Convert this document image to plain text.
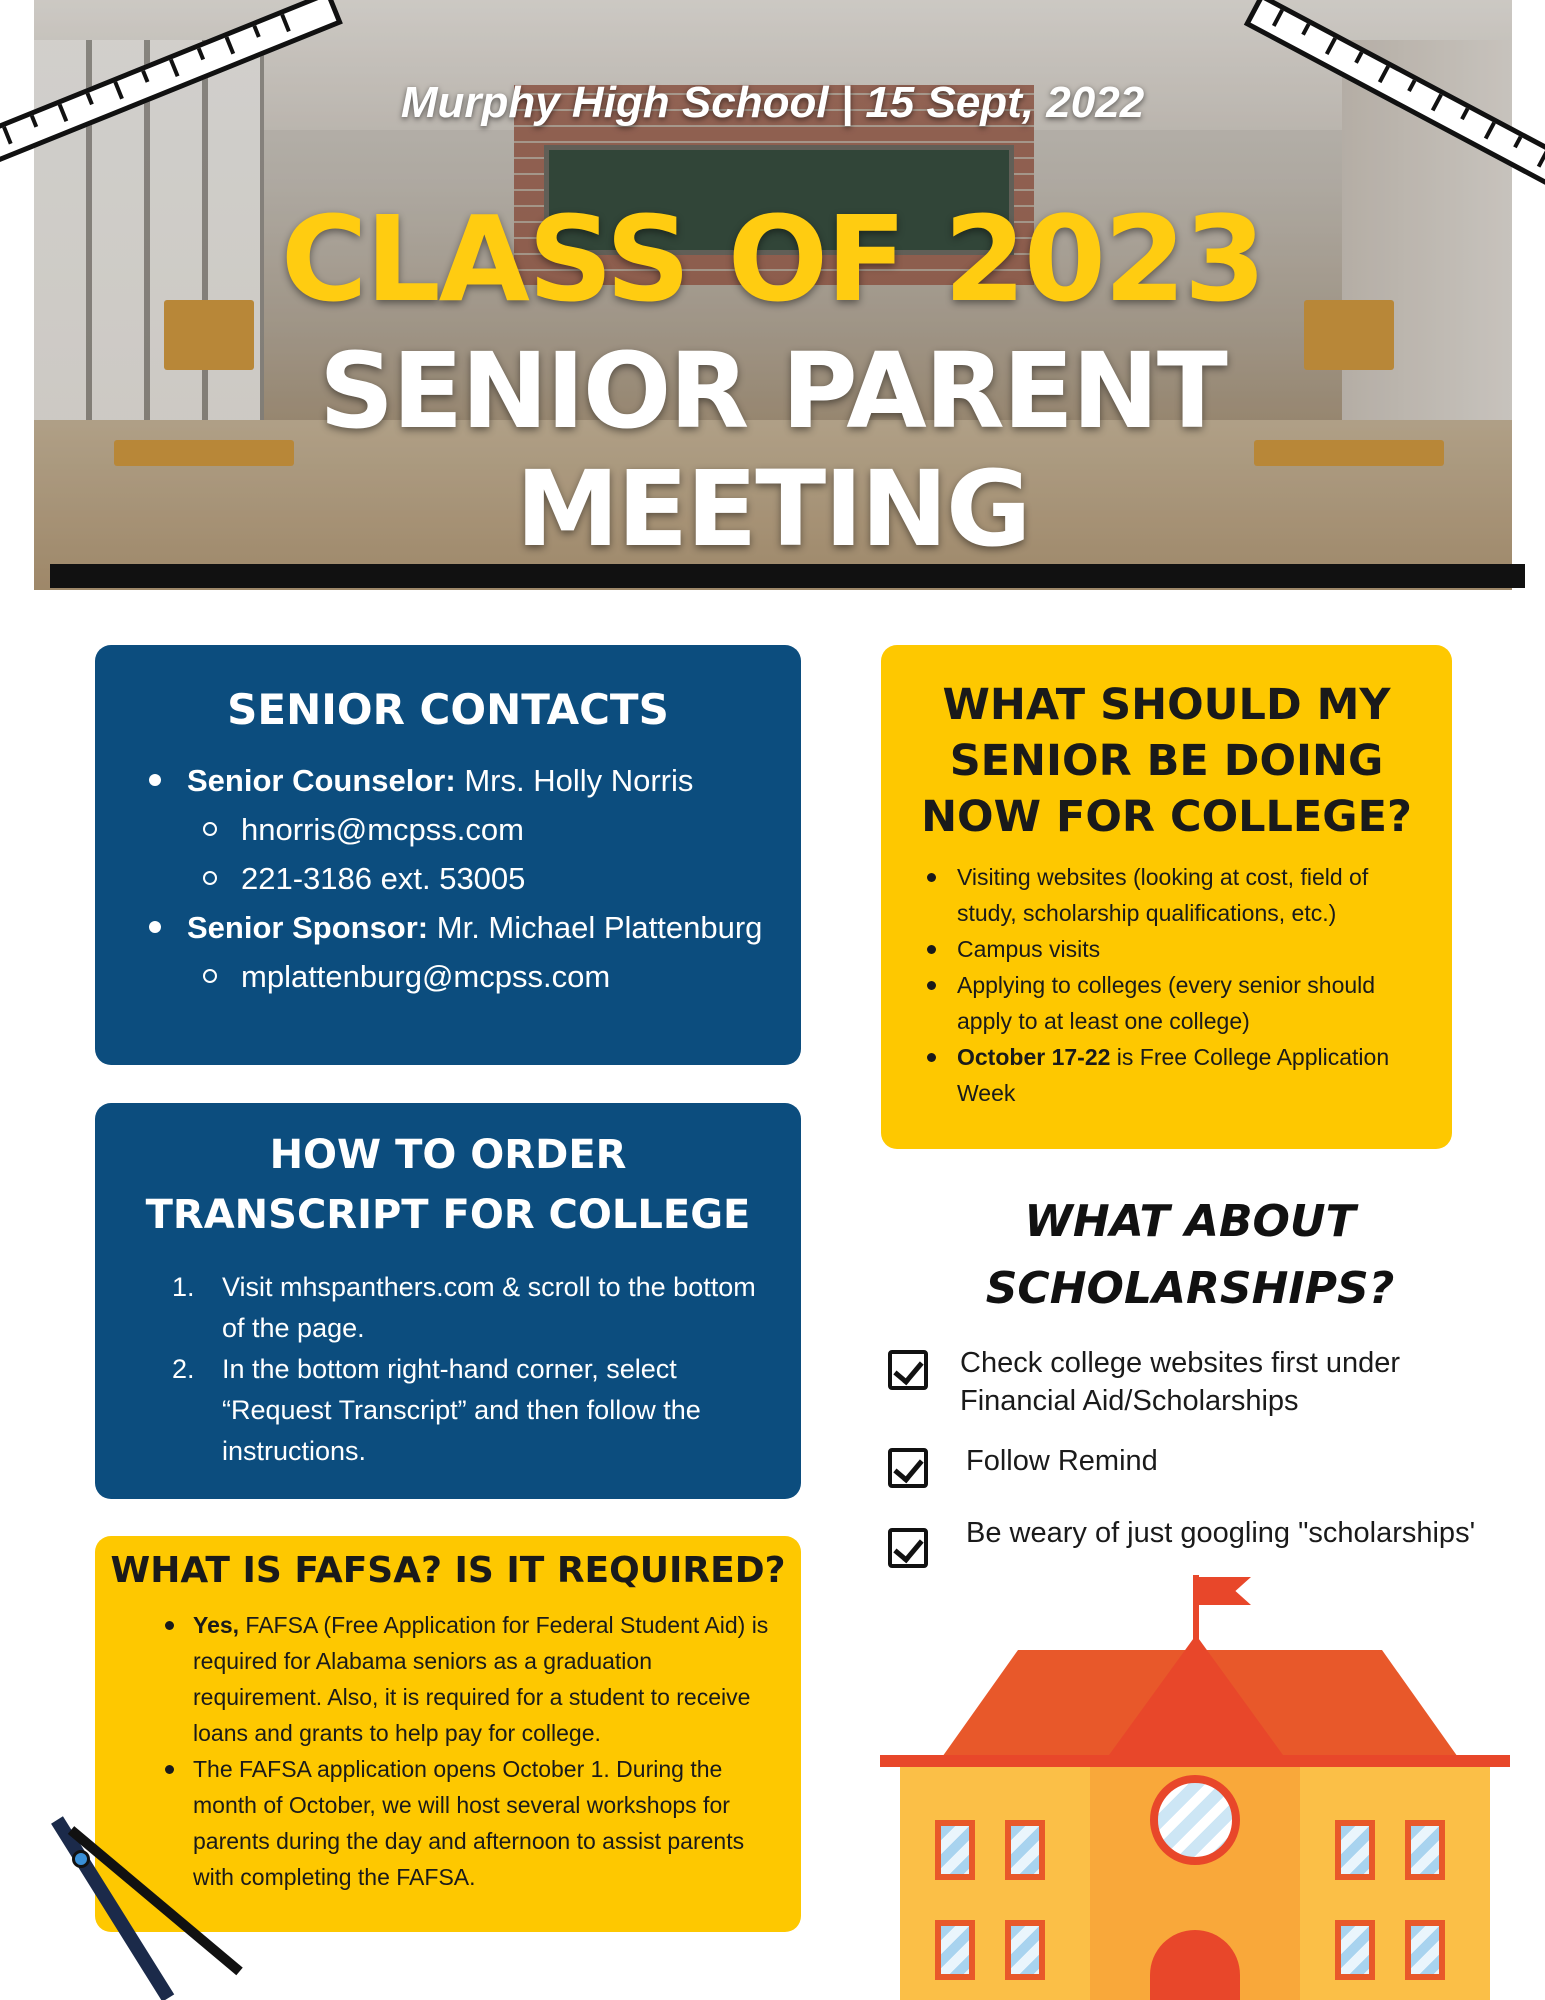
Murphy High School | 15 Sept, 2022
CLASS OF 2023
SENIOR PARENT
MEETING
SENIOR CONTACTS
Senior Counselor: Mrs. Holly Norris
hnorris@mcpss.com
221-3186 ext. 53005
Senior Sponsor: Mr. Michael Plattenburg
mplattenburg@mcpss.com
HOW TO ORDER
TRANSCRIPT FOR COLLEGE
1. Visit mhspanthers.com & scroll to the bottom of the page.
2. In the bottom right-hand corner, select “Request Transcript” and then follow the instructions.
WHAT IS FAFSA? IS IT REQUIRED?
Yes, FAFSA (Free Application for Federal Student Aid) is required for Alabama seniors as a graduation requirement. Also, it is required for a student to receive loans and grants to help pay for college.
The FAFSA application opens October 1. During the month of October, we will host several workshops for parents during the day and afternoon to assist parents with completing the FAFSA.
WHAT SHOULD MY
SENIOR BE DOING
NOW FOR COLLEGE?
Visiting websites (looking at cost, field of study, scholarship qualifications, etc.)
Campus visits
Applying to colleges (every senior should apply to at least one college)
October 17-22 is Free College Application Week
WHAT ABOUT
SCHOLARSHIPS?
Check college websites first under Financial Aid/Scholarships
Follow Remind
Be weary of just googling "scholarships'
